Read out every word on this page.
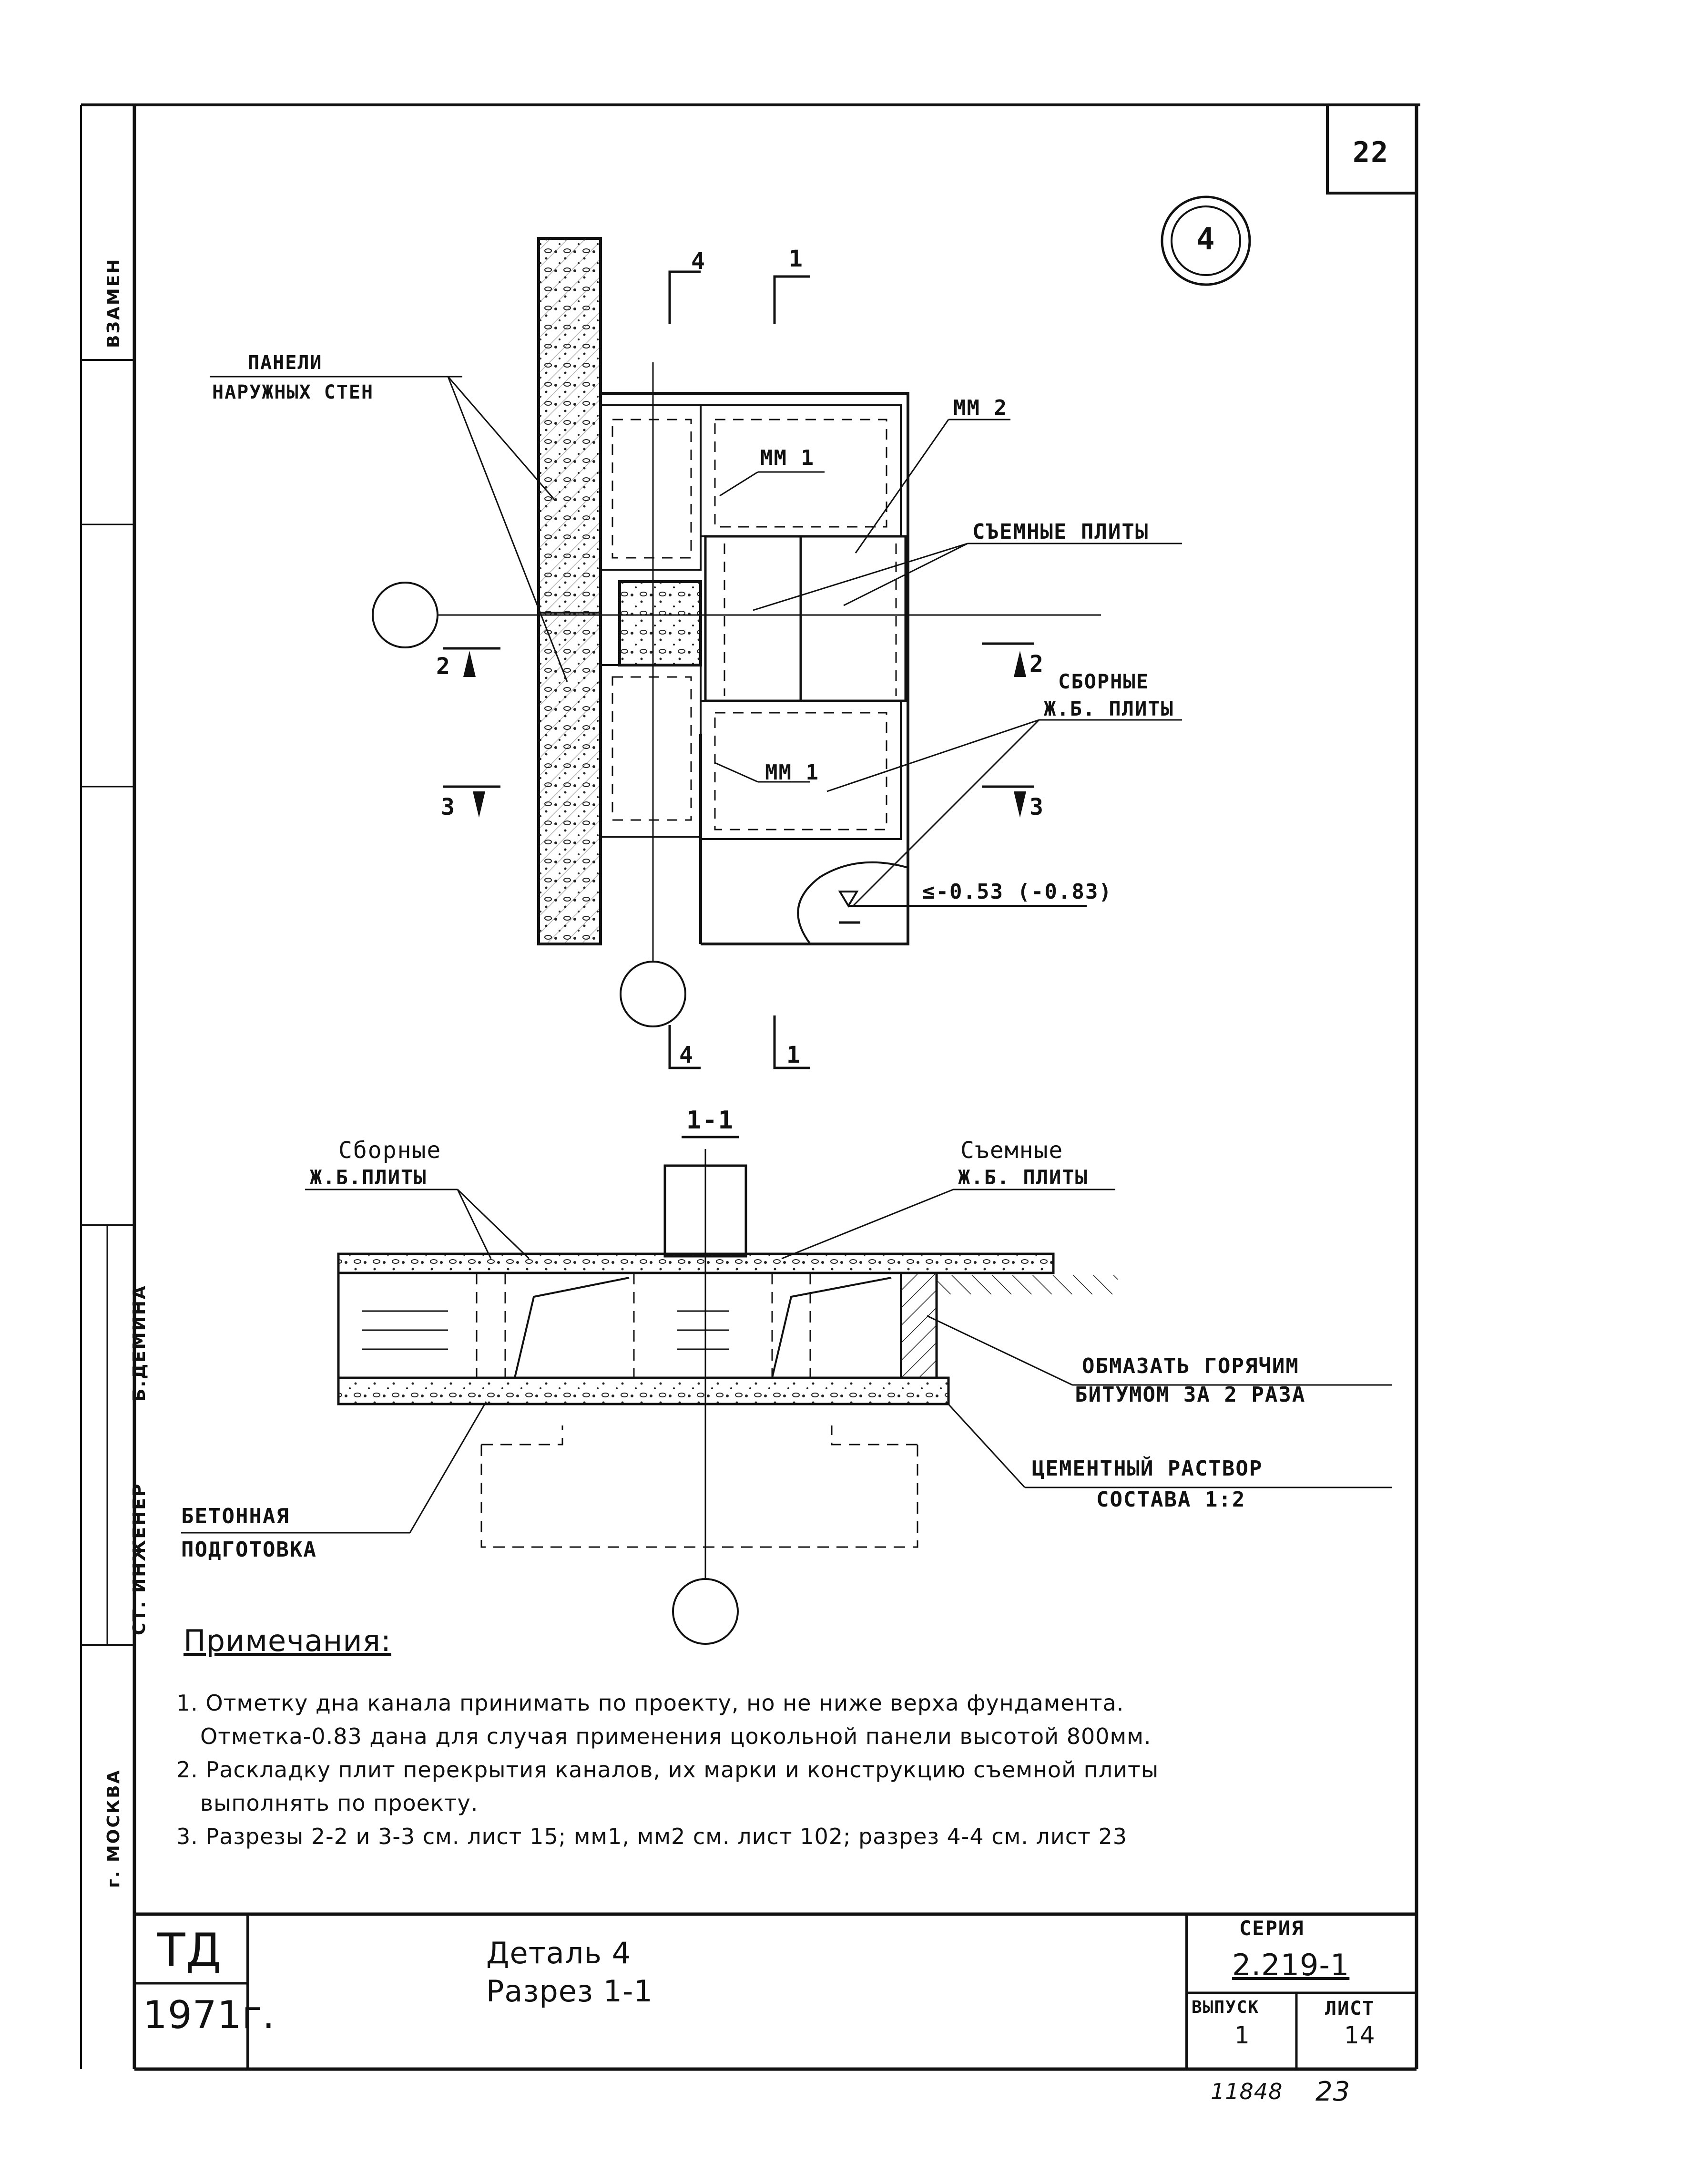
22
4
ВЗАМЕН
Б.ДЕМИНА
СТ. ИНЖЕНЕР
г. МОСКВА
ПАНЕЛИ
НАРУЖНЫХ СТЕН
ММ 2
ММ 1
СЪЕМНЫЕ ПЛИТЫ
СБОРНЫЕ
Ж.Б. ПЛИТЫ
ММ 1
≤-0.53 (-0.83)
4	1
4	1
2	2
3	3
1-1
Сборные
Ж.Б.ПЛИТЫ
Съемные
Ж.Б. ПЛИТЫ
ОБМАЗАТЬ ГОРЯЧИМ
БИТУМОМ ЗА 2 РАЗА
ЦЕМЕНТНЫЙ РАСТВОР
СОСТАВА 1:2
БЕТОННАЯ
ПОДГОТОВКА
Примечания:
1. Отметку дна канала принимать по проекту, но не ниже верха фундамента.
Отметка-0.83 дана для случая применения цокольной панели высотой 800мм.
2. Раскладку плит перекрытия каналов, их марки и конструкцию съемной плиты
выполнять по проекту.
3. Разрезы 2-2 и 3-3 см. лист 15; мм1, мм2 см. лист 102; разрез 4-4 см. лист 23
ТД
1971г.
Деталь 4
Разрез 1-1
СЕРИЯ
2.219-1
ВЫПУСК
1
ЛИСТ
14
11848 23
